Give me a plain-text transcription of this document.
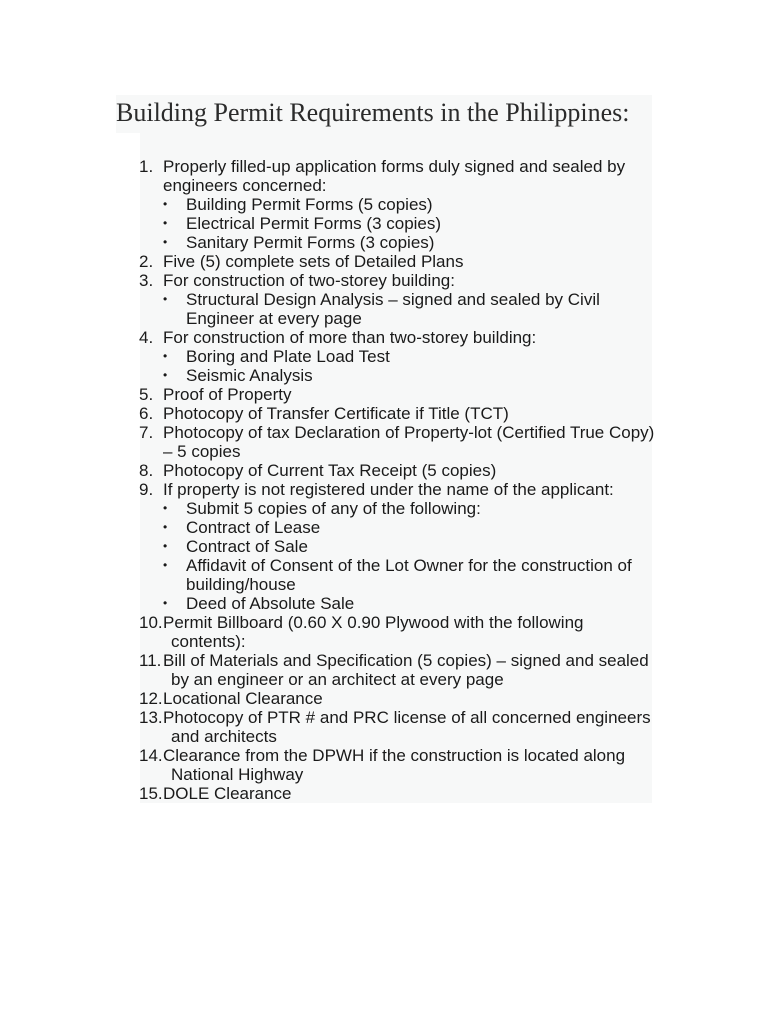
Building Permit Requirements in the Philippines:
1. Properly filled-up application forms duly signed and sealed by engineers concerned:
• Building Permit Forms (5 copies)
• Electrical Permit Forms (3 copies)
• Sanitary Permit Forms (3 copies)
2. Five (5) complete sets of Detailed Plans
3. For construction of two-storey building:
• Structural Design Analysis – signed and sealed by Civil Engineer at every page
4. For construction of more than two-storey building:
• Boring and Plate Load Test
• Seismic Analysis
5. Proof of Property
6. Photocopy of Transfer Certificate if Title (TCT)
7. Photocopy of tax Declaration of Property-lot (Certified True Copy) – 5 copies
8. Photocopy of Current Tax Receipt (5 copies)
9. If property is not registered under the name of the applicant:
• Submit 5 copies of any of the following:
• Contract of Lease
• Contract of Sale
• Affidavit of Consent of the Lot Owner for the construction of building/house
• Deed of Absolute Sale
10. Permit Billboard (0.60 X 0.90 Plywood with the following contents):
11. Bill of Materials and Specification (5 copies) – signed and sealed by an engineer or an architect at every page
12. Locational Clearance
13. Photocopy of PTR # and PRC license of all concerned engineers and architects
14. Clearance from the DPWH if the construction is located along National Highway
15. DOLE Clearance
